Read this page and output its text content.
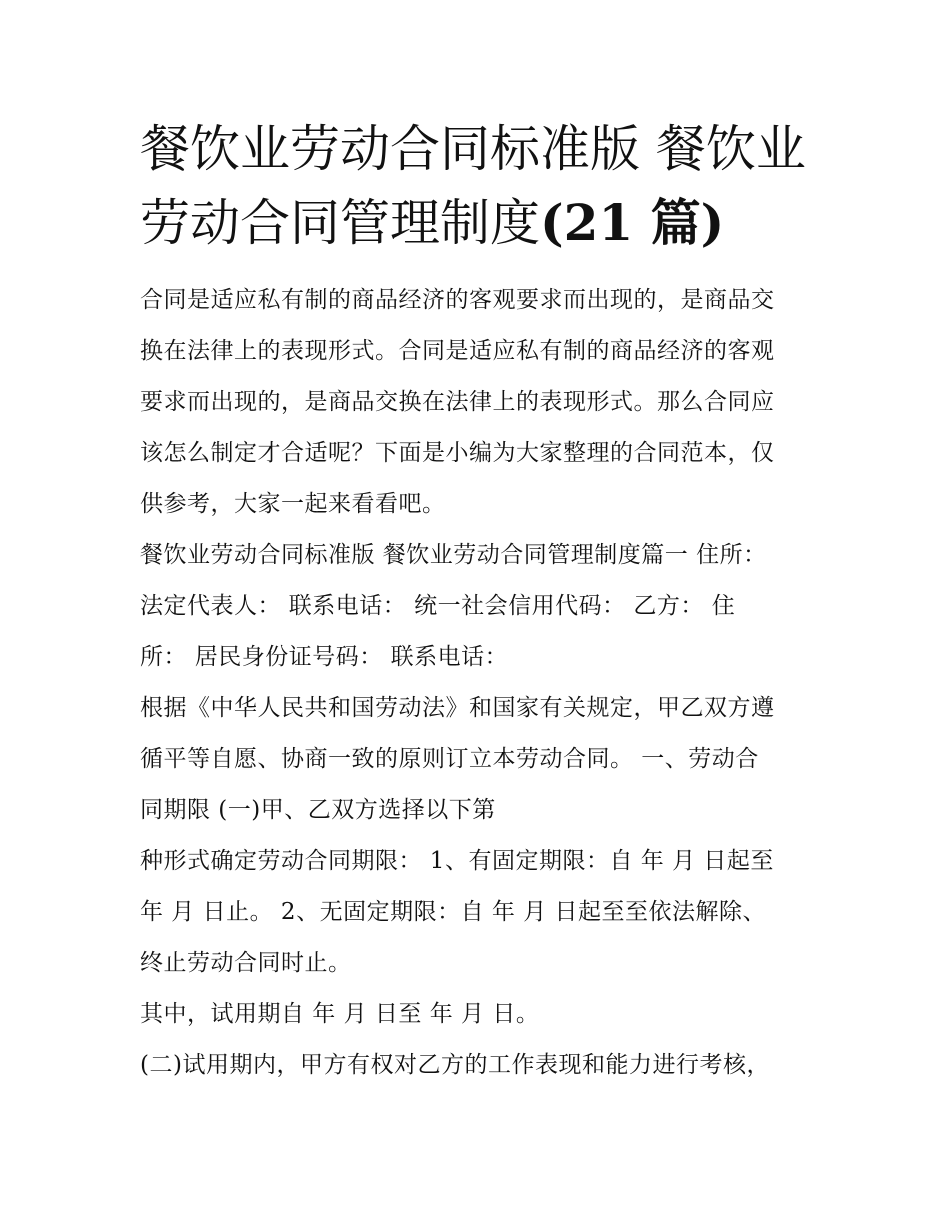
餐饮业劳动合同标准版 餐饮业
劳动合同管理制度(21 篇)

合同是适应私有制的商品经济的客观要求而出现的，是商品交
换在法律上的表现形式。合同是适应私有制的商品经济的客观
要求而出现的，是商品交换在法律上的表现形式。那么合同应
该怎么制定才合适呢？下面是小编为大家整理的合同范本，仅
供参考，大家一起来看看吧。

餐饮业劳动合同标准版 餐饮业劳动合同管理制度篇一 住所：
法定代表人： 联系电话： 统一社会信用代码： 乙方： 住
所： 居民身份证号码： 联系电话：

根据《中华人民共和国劳动法》和国家有关规定，甲乙双方遵
循平等自愿、协商一致的原则订立本劳动合同。 一、劳动合
同期限 (一)甲、乙双方选择以下第

种形式确定劳动合同期限： 1、有固定期限：自 年 月 日起至
年 月 日止。 2、无固定期限：自 年 月 日起至至依法解除、
终止劳动合同时止。

其中，试用期自 年 月 日至 年 月 日。

(二)试用期内，甲方有权对乙方的工作表现和能力进行考核，
